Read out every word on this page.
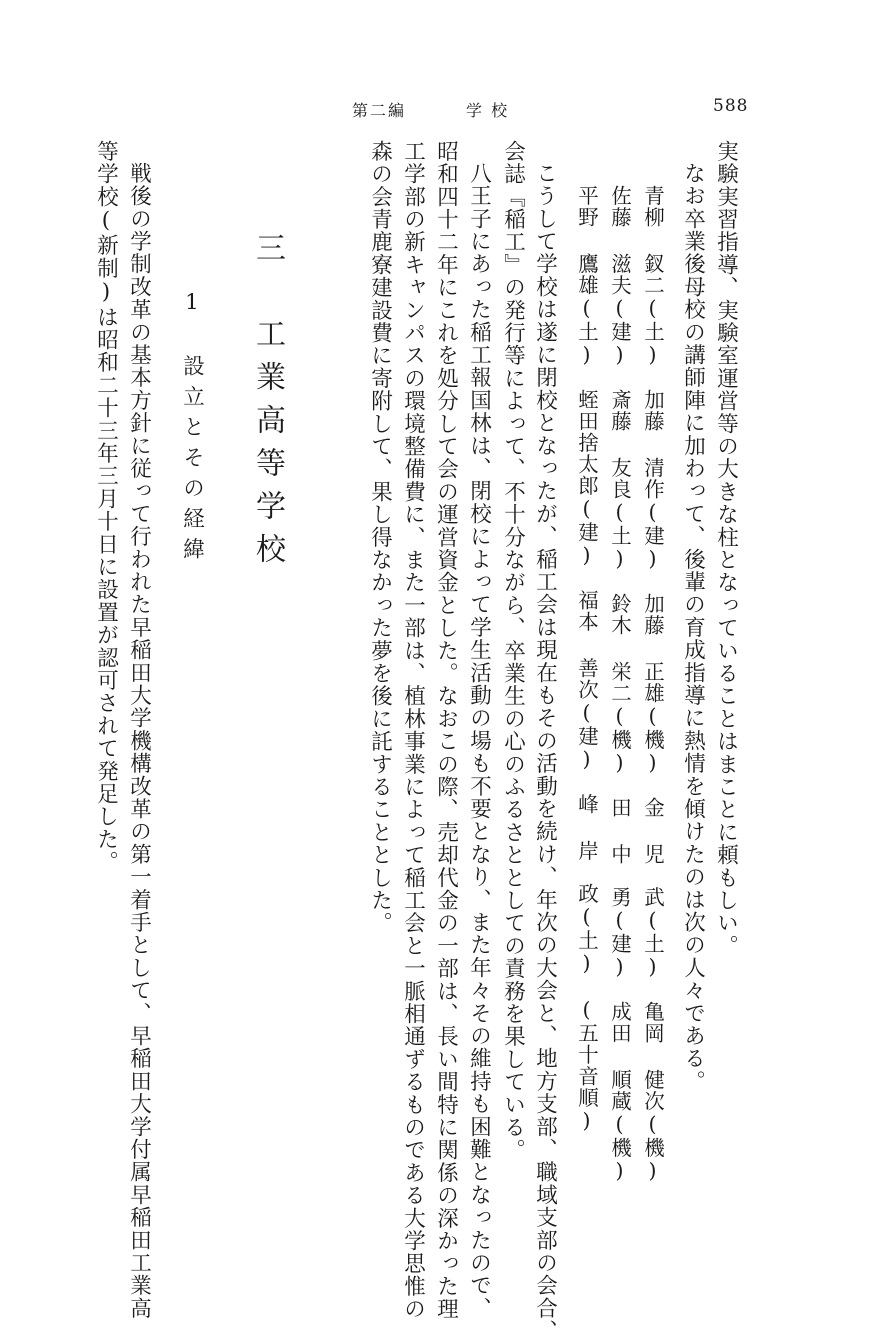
第二編	学 校	588
実験実習指導、実験室運営等の大きな柱となっていることはまことに頼もしい。
なお卒業後母校の講師陣に加わって、後輩の育成指導に熱情を傾けたのは次の人々である。
青柳 釵二(土)　加藤 清作(建)　加藤 正雄(機)　金 児　武(土)　亀岡 健次(機)
佐藤 滋夫(建)　斎藤 友良(土)　鈴木 栄二(機)　田 中　勇(建)　成田 順蔵(機)
平野 鷹雄(土)　蛭田捨太郎(建)　福本 善次(建)　峰 岸　政(土)　(五十音順)
こうして学校は遂に閉校となったが、稲工会は現在もその活動を続け、年次の大会と、地方支部、職域支部の会合、
会誌『稲工』の発行等によって、不十分ながら、卒業生の心のふるさととしての責務を果している。
八王子にあった稲工報国林は、閉校によって学生活動の場も不要となり、また年々その維持も困難となったので、
昭和四十二年にこれを処分して会の運営資金とした。なおこの際、売却代金の一部は、長い間特に関係の深かった理
工学部の新キャンパスの環境整備費に、また一部は、植林事業によって稲工会と一脈相通ずるものである大学思惟の
森の会青鹿寮建設費に寄附して、果し得なかった夢を後に託することとした。
三　工業高等学校
1　設立とその経緯
戦後の学制改革の基本方針に従って行われた早稲田大学機構改革の第一着手として、早稲田大学付属早稲田工業高
等学校(新制)は昭和二十三年三月十日に設置が認可されて発足した。
